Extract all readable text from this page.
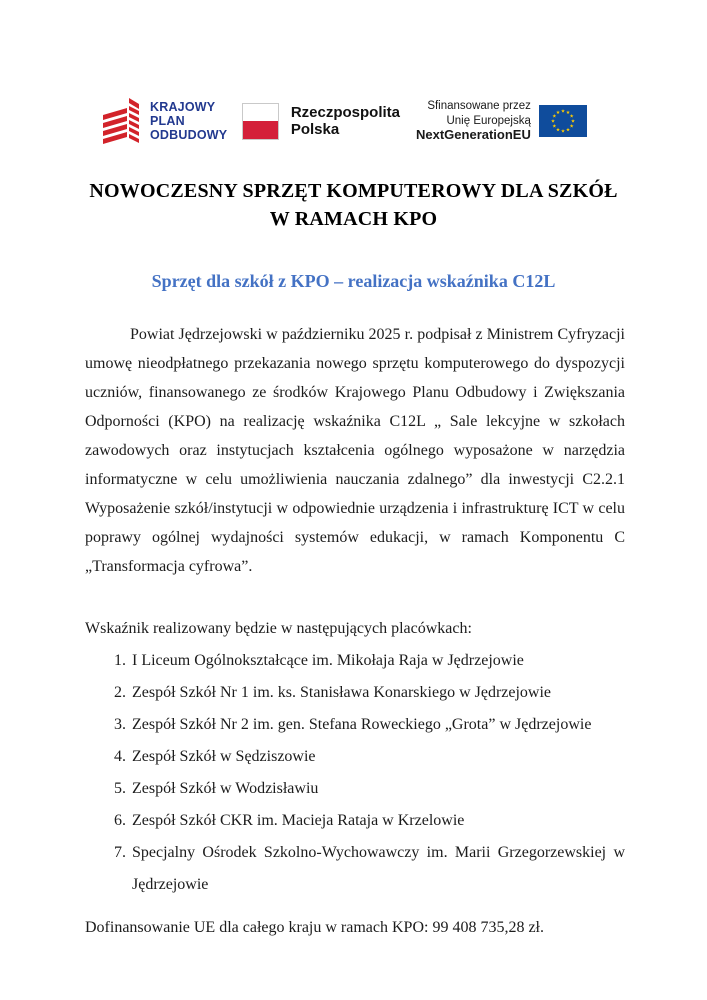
KRAJOWY
PLAN
ODBUDOWY
Rzeczpospolita
Polska
Sfinansowane przez
Unię Europejską
NextGenerationEU
NOWOCZESNY SPRZĘT KOMPUTEROWY DLA SZKÓŁ W RAMACH KPO
Sprzęt dla szkół z KPO – realizacja wskaźnika C12L

Powiat Jędrzejowski w październiku 2025 r. podpisał z Ministrem Cyfryzacji umowę nieodpłatnego przekazania nowego sprzętu komputerowego do dyspozycji uczniów, finansowanego ze środków Krajowego Planu Odbudowy i Zwiększania Odporności (KPO) na realizację wskaźnika C12L „ Sale lekcyjne w szkołach zawodowych oraz instytucjach kształcenia ogólnego wyposażone w narzędzia informatyczne w celu umożliwienia nauczania zdalnego” dla inwestycji C2.2.1 Wyposażenie szkół/instytucji w odpowiednie urządzenia i infrastrukturę ICT w celu poprawy ogólnej wydajności systemów edukacji, w ramach Komponentu C „Transformacja cyfrowa”.

Wskaźnik realizowany będzie w następujących placówkach:

1. I Liceum Ogólnokształcące im. Mikołaja Raja w Jędrzejowie
2. Zespół Szkół Nr 1 im. ks. Stanisława Konarskiego w Jędrzejowie
3. Zespół Szkół Nr 2 im. gen. Stefana Roweckiego „Grota” w Jędrzejowie
4. Zespół Szkół w Sędziszowie
5. Zespół Szkół w Wodzisławiu
6. Zespół Szkół CKR im. Macieja Rataja w Krzelowie
7. Specjalny Ośrodek Szkolno-Wychowawczy im. Marii Grzegorzewskiej w Jędrzejowie

Dofinansowanie UE dla całego kraju w ramach KPO: 99 408 735,28 zł.
